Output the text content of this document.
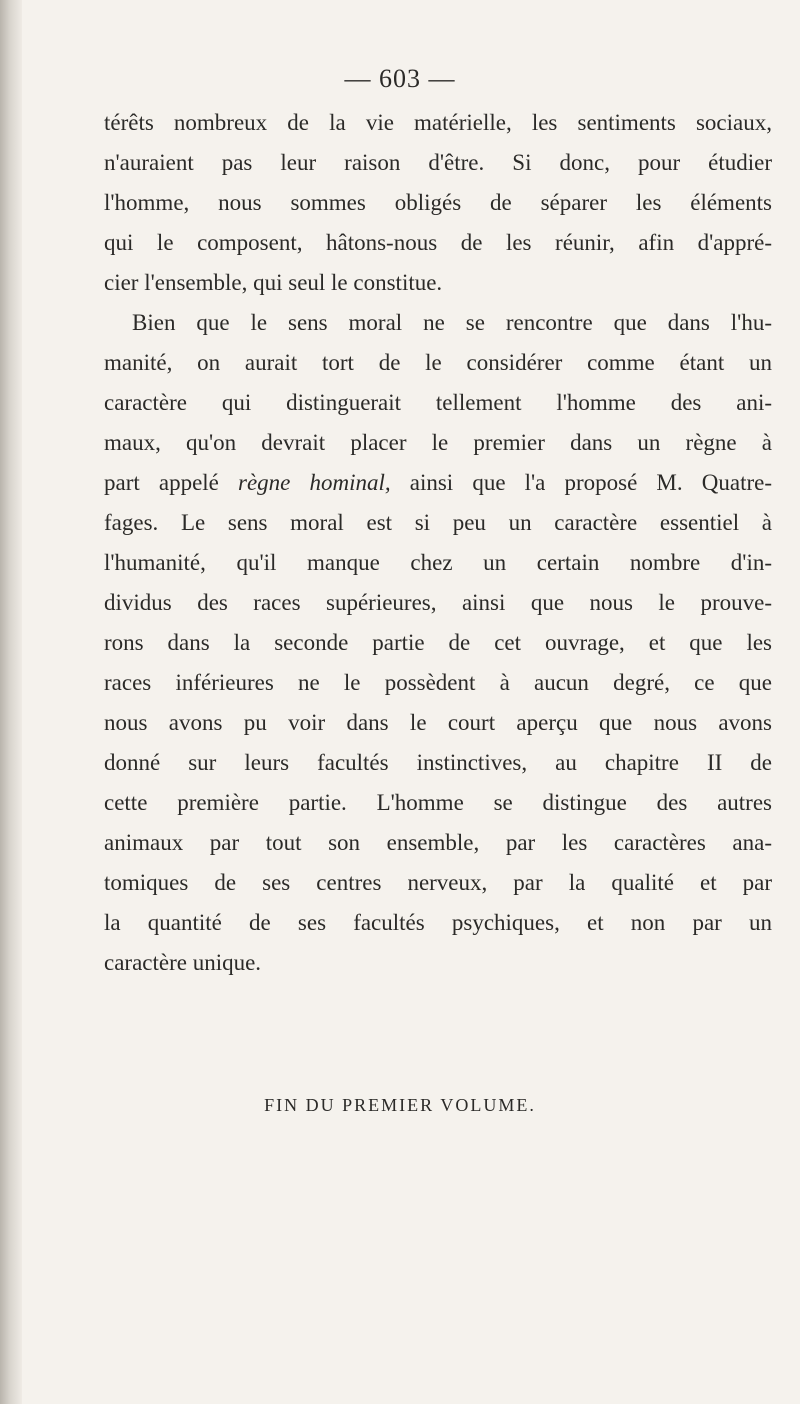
— 603 —
térêts nombreux de la vie matérielle, les sentiments sociaux,
n'auraient pas leur raison d'être. Si donc, pour étudier
l'homme, nous sommes obligés de séparer les éléments
qui le composent, hâtons-nous de les réunir, afin d'appré-
cier l'ensemble, qui seul le constitue.
Bien que le sens moral ne se rencontre que dans l'hu-
manité, on aurait tort de le considérer comme étant un
caractère qui distinguerait tellement l'homme des ani-
maux, qu'on devrait placer le premier dans un règne à
part appelé règne hominal, ainsi que l'a proposé M. Quatre-
fages. Le sens moral est si peu un caractère essentiel à
l'humanité, qu'il manque chez un certain nombre d'in-
dividus des races supérieures, ainsi que nous le prouve-
rons dans la seconde partie de cet ouvrage, et que les
races inférieures ne le possèdent à aucun degré, ce que
nous avons pu voir dans le court aperçu que nous avons
donné sur leurs facultés instinctives, au chapitre II de
cette première partie. L'homme se distingue des autres
animaux par tout son ensemble, par les caractères ana-
tomiques de ses centres nerveux, par la qualité et par
la quantité de ses facultés psychiques, et non par un
caractère unique.
FIN DU PREMIER VOLUME.
